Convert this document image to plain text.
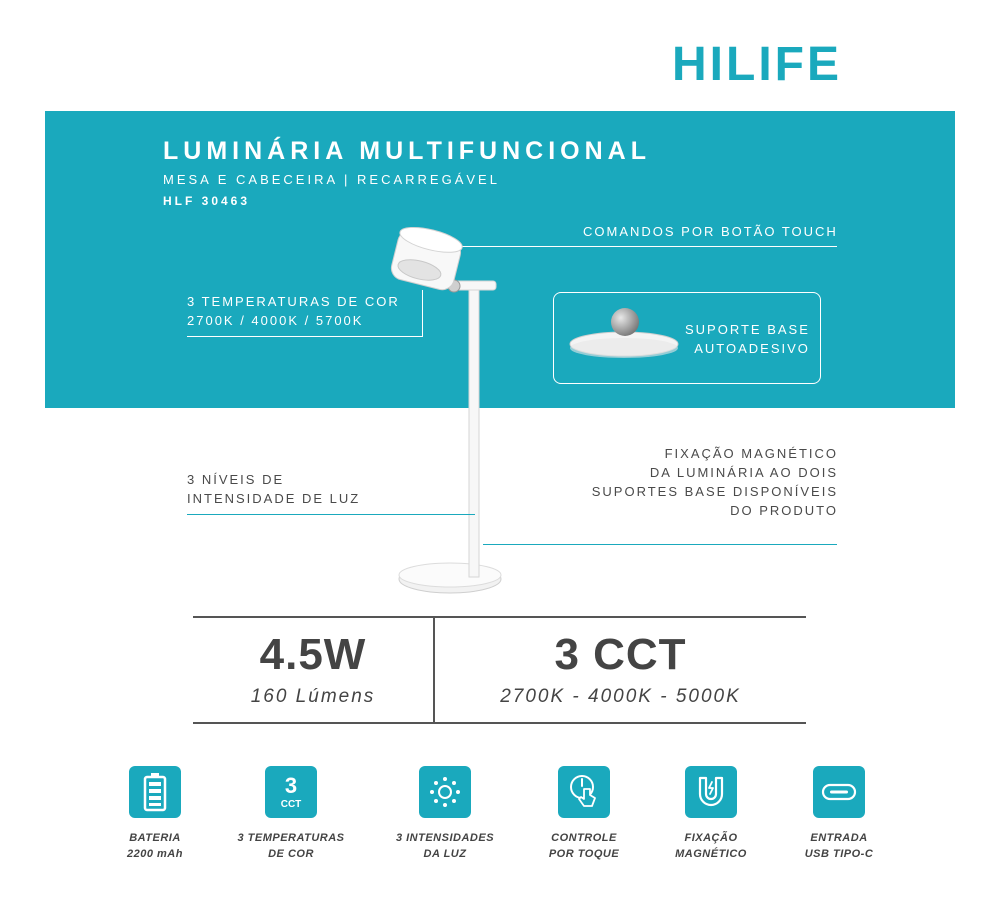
HILIFE
LUMINÁRIA MULTIFUNCIONAL
MESA E CABECEIRA | RECARREGÁVEL
HLF 30463
COMANDOS POR BOTÃO TOUCH
3 TEMPERATURAS DE COR
2700K / 4000K / 5700K
SUPORTE BASE
AUTOADESIVO
3 NÍVEIS DE
INTENSIDADE DE LUZ
FIXAÇÃO MAGNÉTICO
DA LUMINÁRIA AO DOIS
SUPORTES BASE DISPONÍVEIS
DO PRODUTO
4.5W
160 Lúmens
3 CCT
2700K - 4000K - 5000K
BATERIA
2200 mAh
3
CCT
3 TEMPERATURAS
DE COR
3 INTENSIDADES
DA LUZ
CONTROLE
POR TOQUE
FIXAÇÃO
MAGNÉTICO
ENTRADA
USB TIPO-C
